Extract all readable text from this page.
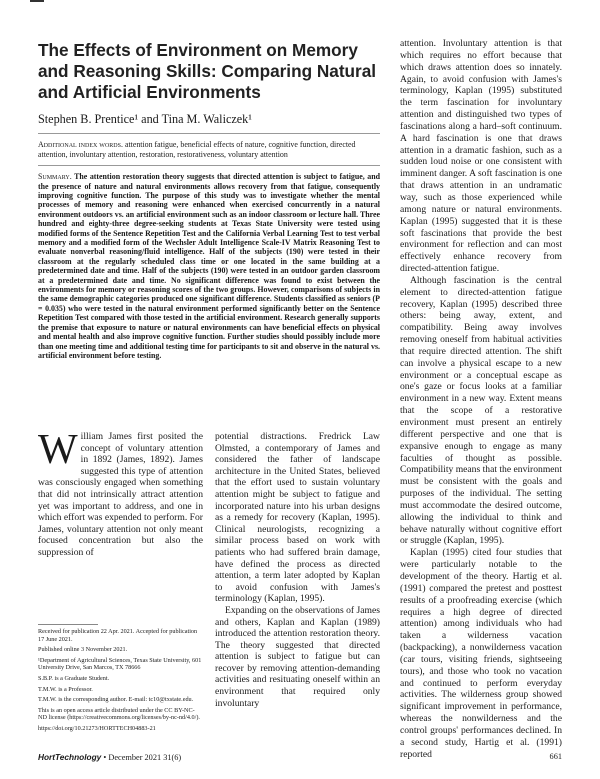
The Effects of Environment on Memory and Reasoning Skills: Comparing Natural and Artificial Environments
Stephen B. Prentice¹ and Tina M. Waliczek¹

Additional index words. attention fatigue, beneficial effects of nature, cognitive function, directed attention, involuntary attention, restoration, restorativeness, voluntary attention

Summary. The attention restoration theory suggests that directed attention is subject to fatigue, and the presence of nature and natural environments allows recovery from that fatigue, consequently improving cognitive function. The purpose of this study was to investigate whether the mental processes of memory and reasoning were enhanced when exercised concurrently in a natural environment outdoors vs. an artificial environment such as an indoor classroom or lecture hall. Three hundred and eighty-three degree-seeking students at Texas State University were tested using modified forms of the Sentence Repetition Test and the California Verbal Learning Test to test verbal memory and a modified form of the Wechsler Adult Intelligence Scale-IV Matrix Reasoning Test to evaluate nonverbal reasoning/fluid intelligence. Half of the subjects (190) were tested in their classroom at the regularly scheduled class time or one located in the same building at a predetermined date and time. Half of the subjects (190) were tested in an outdoor garden classroom at a predetermined date and time. No significant difference was found to exist between the environments for memory or reasoning scores of the two groups. However, comparisons of subjects in the same demographic categories produced one significant difference. Students classified as seniors (P = 0.035) who were tested in the natural environment performed significantly better on the Sentence Repetition Test compared with those tested in the artificial environment. Research generally supports the premise that exposure to nature or natural environments can have beneficial effects on physical and mental health and also improve cognitive function. Further studies should possibly include more than one meeting time and additional testing time for participants to sit and observe in the natural vs. artificial environment before testing.

W illiam James first posited the concept of voluntary attention in 1892 (James, 1892). James suggested this type of attention was consciously engaged when something that did not intrinsically attract attention yet was important to address, and one in which effort was expended to perform. For James, voluntary attention not only meant focused concentration but also the suppression of

Received for publication 22 Apr. 2021. Accepted for publication 17 June 2021.

Published online 3 November 2021.

¹Department of Agricultural Sciences, Texas State University, 601 University Drive, San Marcos, TX 78666

S.B.P. is a Graduate Student.

T.M.W. is a Professor.

T.M.W. is the corresponding author. E-mail: tc10@txstate.edu.

This is an open access article distributed under the CC BY-NC-ND license (https://creativecommons.org/licenses/by-nc-nd/4.0/).

https://doi.org/10.21273/HORTTECH04883-21

potential distractions. Fredrick Law Olmsted, a contemporary of James and considered the father of landscape architecture in the United States, believed that the effort used to sustain voluntary attention might be subject to fatigue and incorporated nature into his urban designs as a remedy for recovery (Kaplan, 1995). Clinical neurologists, recognizing a similar process based on work with patients who had suffered brain damage, have defined the process as directed attention, a term later adopted by Kaplan to avoid confusion with James's terminology (Kaplan, 1995).

Expanding on the observations of James and others, Kaplan and Kaplan (1989) introduced the attention restoration theory. The theory suggested that directed attention is subject to fatigue but can recover by removing attention-demanding activities and resituating oneself within an environment that required only involuntary

attention. Involuntary attention is that which requires no effort because that which draws attention does so innately. Again, to avoid confusion with James's terminology, Kaplan (1995) substituted the term fascination for involuntary attention and distinguished two types of fascinations along a hard–soft continuum. A hard fascination is one that draws attention in a dramatic fashion, such as a sudden loud noise or one consistent with imminent danger. A soft fascination is one that draws attention in an undramatic way, such as those experienced while among nature or natural environments. Kaplan (1995) suggested that it is these soft fascinations that provide the best environment for reflection and can most effectively enhance recovery from directed-attention fatigue.

Although fascination is the central element to directed-attention fatigue recovery, Kaplan (1995) described three others: being away, extent, and compatibility. Being away involves removing oneself from habitual activities that require directed attention. The shift can involve a physical escape to a new environment or a conceptual escape as one's gaze or focus looks at a familiar environment in a new way. Extent means that the scope of a restorative environment must present an entirely different perspective and one that is expansive enough to engage as many faculties of thought as possible. Compatibility means that the environment must be consistent with the goals and purposes of the individual. The setting must accommodate the desired outcome, allowing the individual to think and behave naturally without cognitive effort or struggle (Kaplan, 1995).

Kaplan (1995) cited four studies that were particularly notable to the development of the theory. Hartig et al. (1991) compared the pretest and posttest results of a proofreading exercise (which requires a high degree of directed attention) among individuals who had taken a wilderness vacation (backpacking), a nonwilderness vacation (car tours, visiting friends, sightseeing tours), and those who took no vacation and continued to perform everyday activities. The wilderness group showed significant improvement in performance, whereas the nonwilderness and the control groups' performances declined. In a second study, Hartig et al. (1991) reported

HortTechnology • December 2021 31(6)	661
